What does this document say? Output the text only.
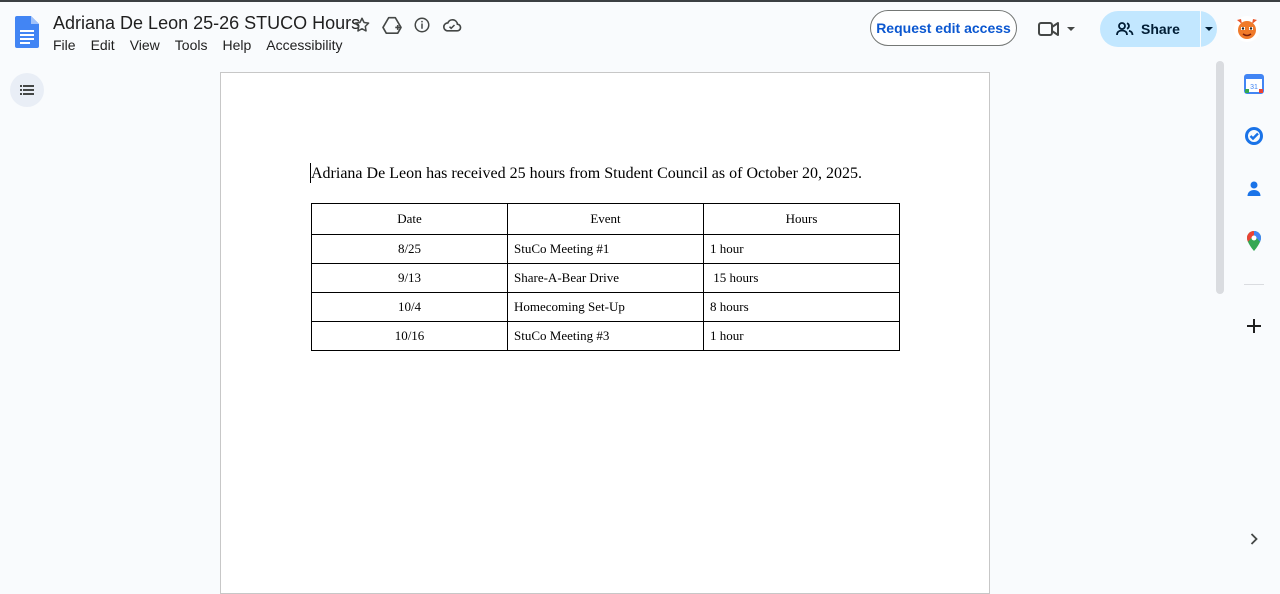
Adriana De Leon 25-26 STUCO Hours
File	Edit	View	Tools	Help	Accessibility
Request edit access	Share
Adriana De Leon has received 25 hours from Student Council as of October 20, 2025.
Date	Event	Hours
8/25	StuCo Meeting #1	1 hour
9/13	Share-A-Bear Drive	15 hours
10/4	Homecoming Set-Up	8 hours
10/16	StuCo Meeting #3	1 hour
31
